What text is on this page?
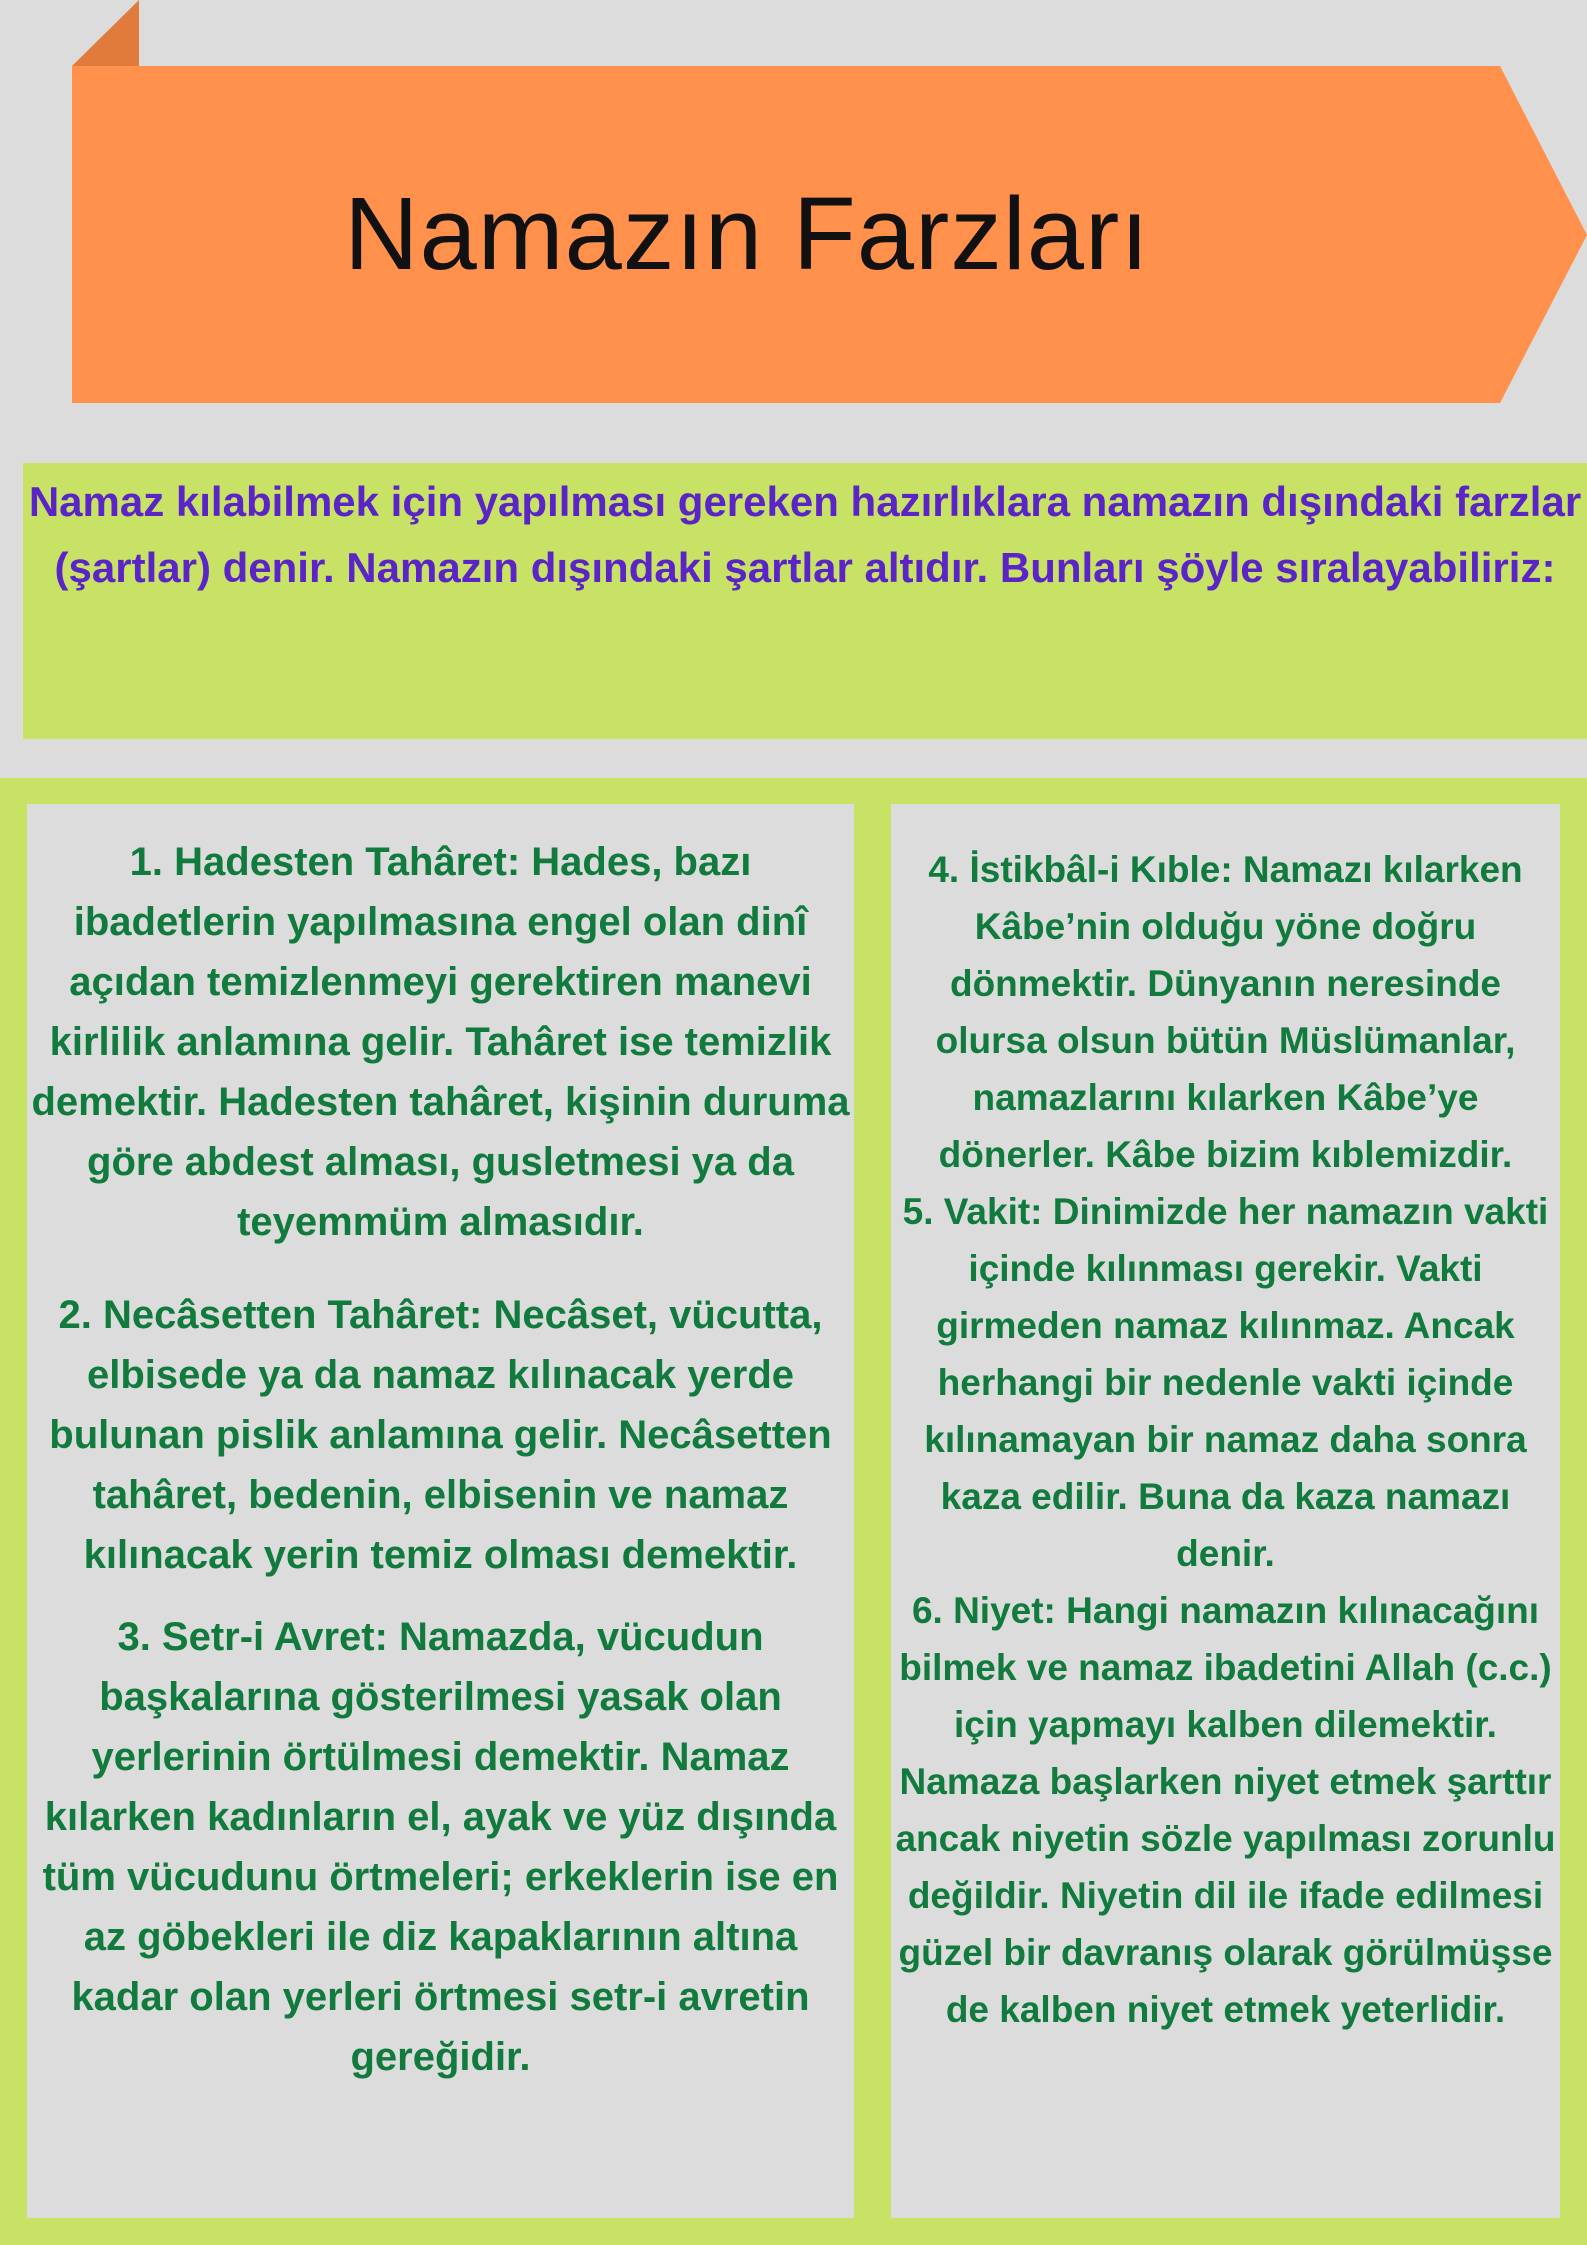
Namazın Farzları

Namaz kılabilmek için yapılması gereken hazırlıklara namazın dışındaki farzlar (şartlar) denir. Namazın dışındaki şartlar altıdır. Bunları şöyle sıralayabiliriz:

1. Hadesten Tahâret: Hades, bazı ibadetlerin yapılmasına engel olan dinî açıdan temizlenmeyi gerektiren manevi kirlilik anlamına gelir. Tahâret ise temizlik demektir. Hadesten tahâret, kişinin duruma göre abdest alması, gusletmesi ya da teyemmüm almasıdır.

2. Necâsetten Tahâret: Necâset, vücutta, elbisede ya da namaz kılınacak yerde bulunan pislik anlamına gelir. Necâsetten tahâret, bedenin, elbisenin ve namaz kılınacak yerin temiz olması demektir.

3. Setr-i Avret: Namazda, vücudun başkalarına gösterilmesi yasak olan yerlerinin örtülmesi demektir. Namaz kılarken kadınların el, ayak ve yüz dışında tüm vücudunu örtmeleri; erkeklerin ise en az göbekleri ile diz kapaklarının altına kadar olan yerleri örtmesi setr-i avretin gereğidir.

4. İstikbâl-i Kıble: Namazı kılarken Kâbe’nin olduğu yöne doğru dönmektir. Dünyanın neresinde olursa olsun bütün Müslümanlar, namazlarını kılarken Kâbe’ye dönerler. Kâbe bizim kıblemizdir.

5. Vakit: Dinimizde her namazın vakti içinde kılınması gerekir. Vakti girmeden namaz kılınmaz. Ancak herhangi bir nedenle vakti içinde kılınamayan bir namaz daha sonra kaza edilir. Buna da kaza namazı denir.

6. Niyet: Hangi namazın kılınacağını bilmek ve namaz ibadetini Allah (c.c.) için yapmayı kalben dilemektir. Namaza başlarken niyet etmek şarttır ancak niyetin sözle yapılması zorunlu değildir. Niyetin dil ile ifade edilmesi güzel bir davranış olarak görülmüşse de kalben niyet etmek yeterlidir.
